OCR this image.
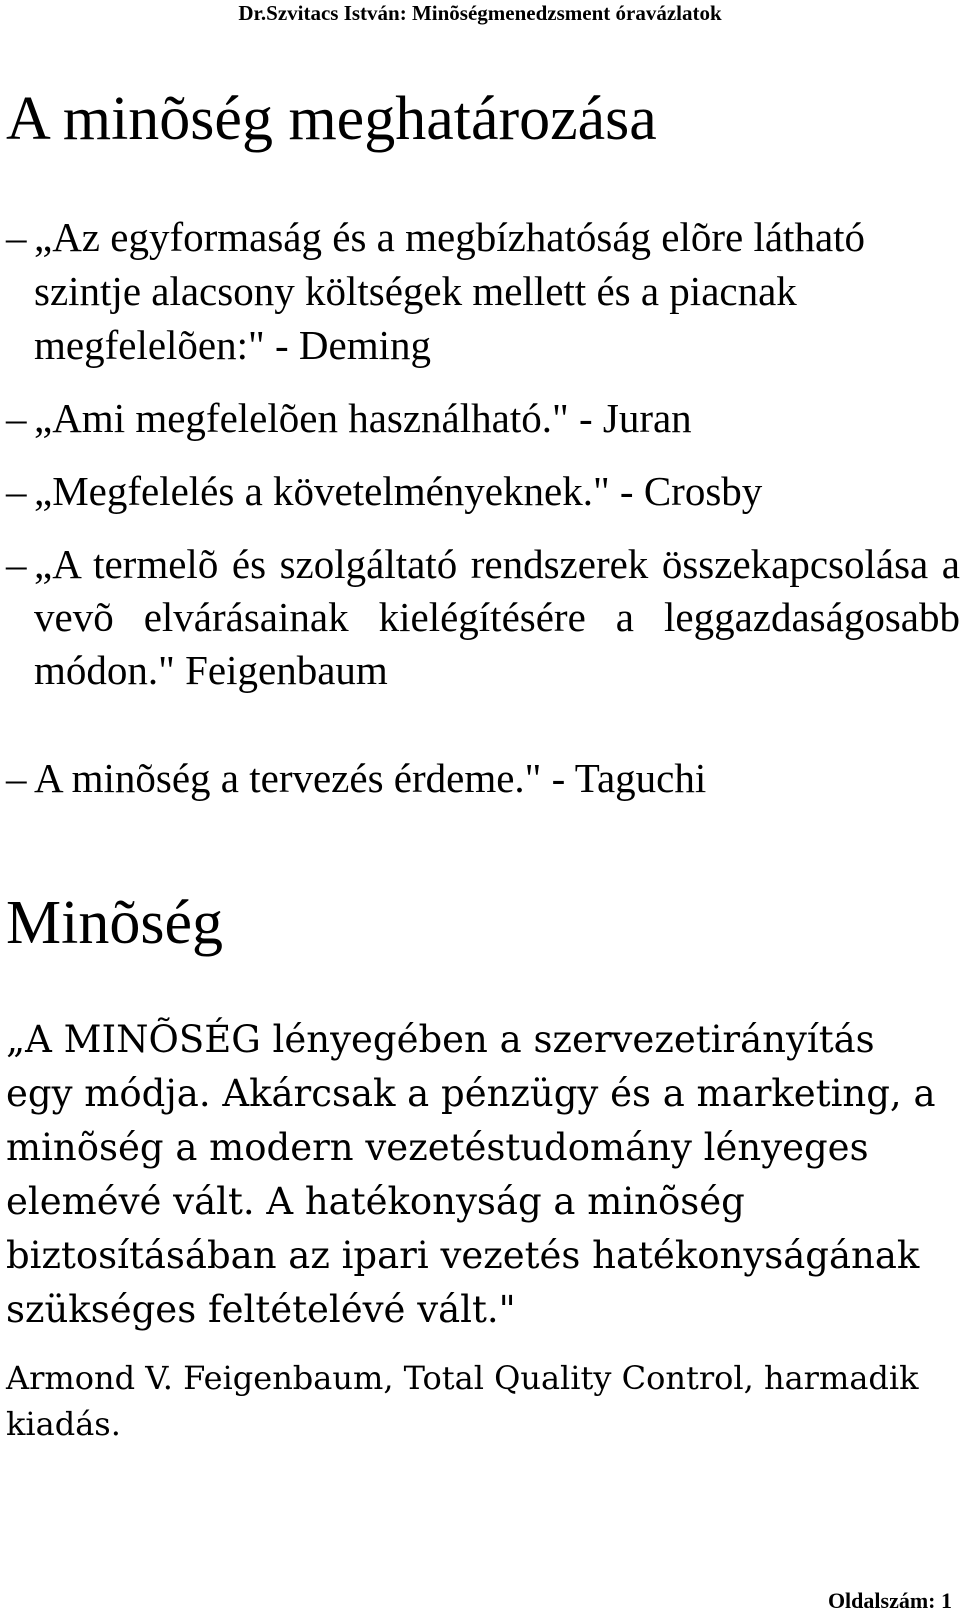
Dr.Szvitacs István: Minõségmenedzsment óravázlatok
A minõség meghatározása
– „Az egyformaság és a megbízhatóság elõre látható szintje alacsony költségek mellett és a piacnak megfelelõen:" - Deming
– „Ami megfelelõen használható." - Juran
– „Megfelelés a követelményeknek." - Crosby
– „A termelõ és szolgáltató rendszerek összekapcsolása a vevõ elvárásainak kielégítésére a leggazdaságosabb módon." Feigenbaum
– A minõség a tervezés érdeme." - Taguchi
Minõség

„A MINÕSÉG lényegében a szervezetirányítás egy módja. Akárcsak a pénzügy és a marketing, a minõség a modern vezetéstudomány lényeges elemévé vált. A hatékonyság a minõség biztosításában az ipari vezetés hatékonyságának szükséges feltételévé vált."

Armond V. Feigenbaum, Total Quality Control, harmadik kiadás.

Oldalszám: 1
